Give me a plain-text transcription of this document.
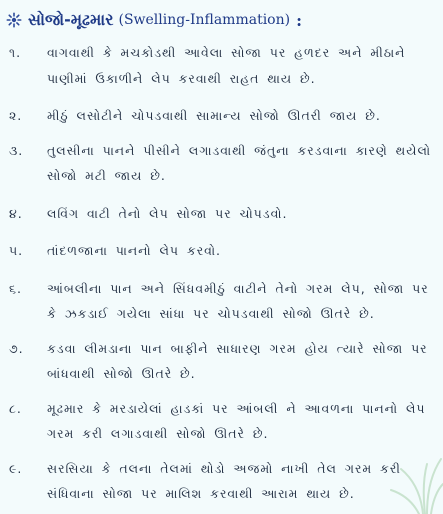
સોજો-મૂઢમાર (Swelling-Inflammation) :
૧.	વાગવાથી કે મચકોડથી આવેલા સોજા પર હળદર અને મીઠાને પાણીમાં ઉકાળીને લેપ કરવાથી રાહત થાય છે.
૨.	મીઠું લસોટીને ચોપડવાથી સામાન્ય સોજો ઊતરી જાય છે.
૩.	તુલસીના પાનને પીસીને લગાડવાથી જંતુના કરડવાના કારણે થયેલો સોજો મટી જાય છે.
૪.	લવિંગ વાટી તેનો લેપ સોજા પર ચોપડવો.
૫.	તાંદળજાના પાનનો લેપ કરવો.
૬.	આંબલીના પાન અને સિંધવમીઠું વાટીને તેનો ગરમ લેપ, સોજા પર કે ઝકડાઈ ગયેલા સાંધા પર ચોપડવાથી સોજો ઊતરે છે.
૭.	કડવા લીમડાના પાન બાફીને સાધારણ ગરમ હોય ત્યારે સોજા પર બાંધવાથી સોજો ઊતરે છે.
૮.	મૂઢમાર કે મરડાયેલાં હાડકાં પર આંબલી ને આવળના પાનનો લેપ ગરમ કરી લગાડવાથી સોજો ઊતરે છે.
૯.	સરસિયા કે તલના તેલમાં થોડો અજમો નાખી તેલ ગરમ કરી સંધિવાના સોજા પર માલિશ કરવાથી આરામ થાય છે.
